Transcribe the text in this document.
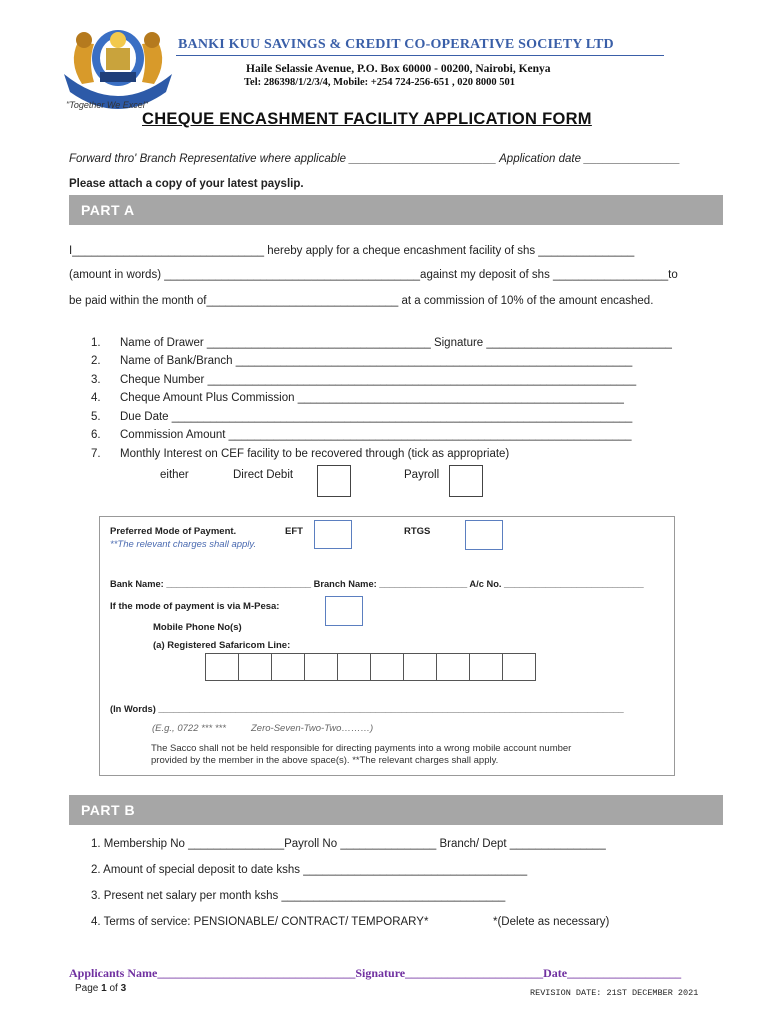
"Together We Excel"
BANKI KUU SAVINGS & CREDIT CO-OPERATIVE SOCIETY LTD
Haile Selassie Avenue, P.O. Box 60000 - 00200, Nairobi, Kenya
Tel: 286398/1/2/3/4, Mobile: +254 724-256-651 , 020 8000 501
CHEQUE ENCASHMENT FACILITY APPLICATION FORM
Forward thro' Branch Representative where applicable _______________________ Application date _______________
Please attach a copy of your latest payslip.
PART A
I______________________________ hereby apply for a cheque encashment facility of shs _______________
(amount in words) ________________________________________against my deposit of shs __________________to
be paid within the month of______________________________ at a commission of 10% of the amount encashed.
1. Name of Drawer ___________________________________ Signature _____________________________
2. Name of Bank/Branch ______________________________________________________________
3. Cheque Number ___________________________________________________________________
4. Cheque Amount Plus Commission ___________________________________________________
5. Due Date ________________________________________________________________________
6. Commission Amount _______________________________________________________________
7. Monthly Interest on CEF facility to be recovered through (tick as appropriate)
either	Direct Debit	Payroll
Preferred Mode of Payment.	EFT	RTGS
**The relevant charges shall apply.
Bank Name: ____________________________ Branch Name: _________________ A/c No. ___________________________
If the mode of payment is via M-Pesa:
Mobile Phone No(s)
(a) Registered Safaricom Line:
(In Words) __________________________________________________________________________________________
(E.g., 0722 *** ***	Zero-Seven-Two-Two………)
The Sacco shall not be held responsible for directing payments into a wrong mobile account number
provided by the member in the above space(s). **The relevant charges shall apply.
PART B
1. Membership No _______________Payroll No _______________ Branch/ Dept _______________
2. Amount of special deposit to date kshs ___________________________________
3. Present net salary per month kshs ___________________________________
4. Terms of service: PENSIONABLE/ CONTRACT/ TEMPORARY*	*(Delete as necessary)
Applicants Name_________________________________Signature_______________________Date___________________
Page 1 of 3	REVISION DATE: 21ST DECEMBER 2021
